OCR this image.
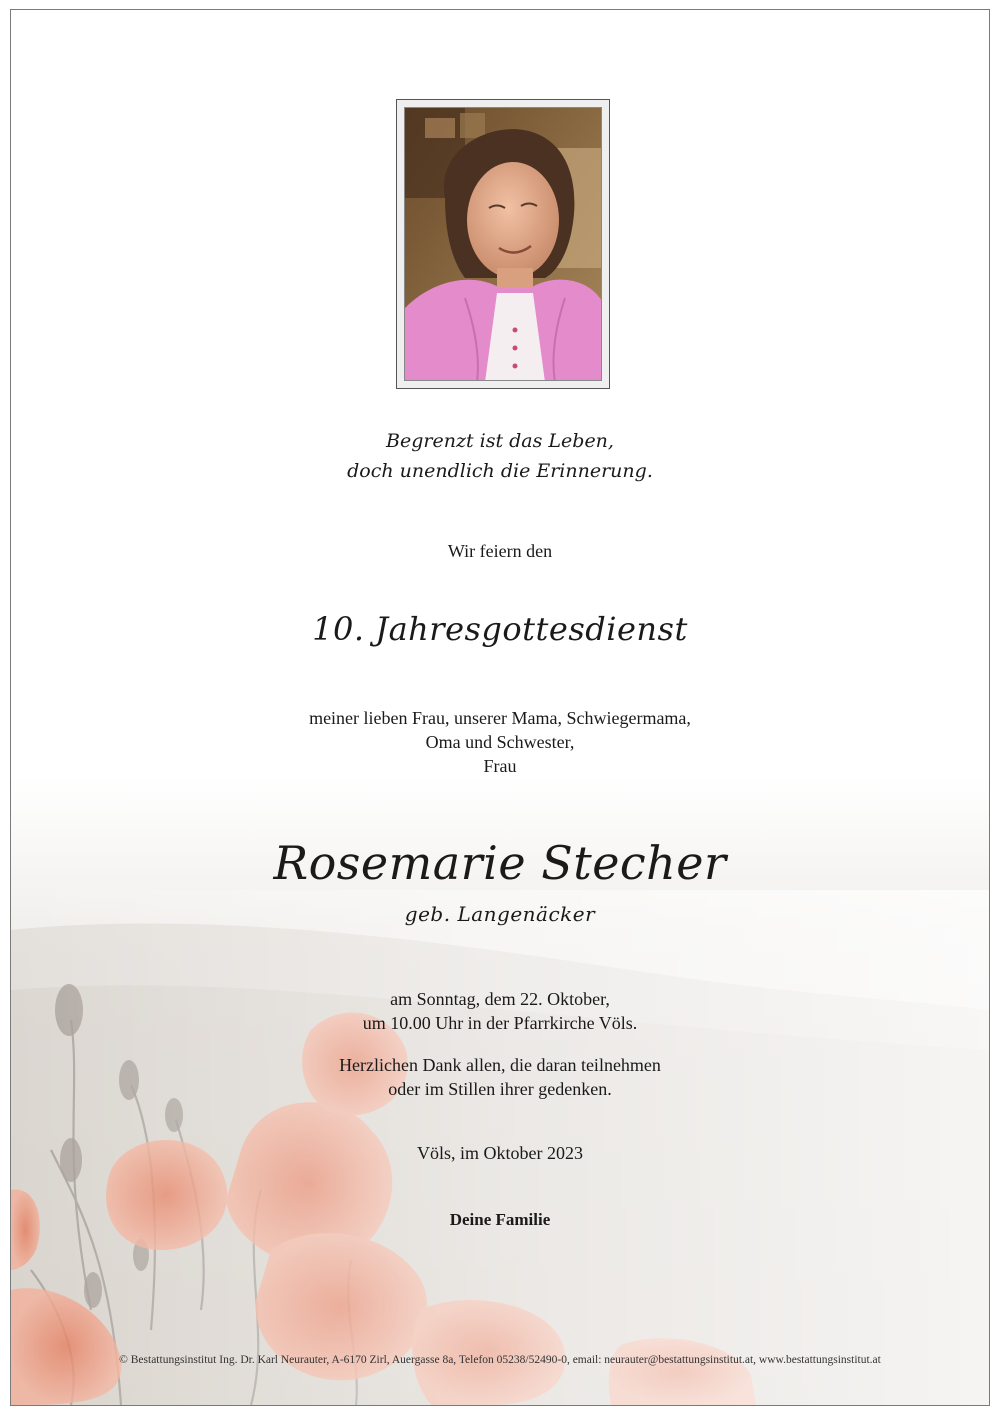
Begrenzt ist das Leben,
doch unendlich die Erinnerung.
Wir feiern den
10. Jahresgottesdienst
meiner lieben Frau, unserer Mama, Schwiegermama,
Oma und Schwester,
Frau
Rosemarie Stecher
geb. Langenäcker
am Sonntag, dem 22. Oktober,
um 10.00 Uhr in der Pfarrkirche Völs.
Herzlichen Dank allen, die daran teilnehmen
oder im Stillen ihrer gedenken.
Völs, im Oktober 2023
Deine Familie
© Bestattungsinstitut Ing. Dr. Karl Neurauter, A-6170 Zirl, Auergasse 8a, Telefon 05238/52490-0, email: neurauter@bestattungsinstitut.at, www.bestattungsinstitut.at
